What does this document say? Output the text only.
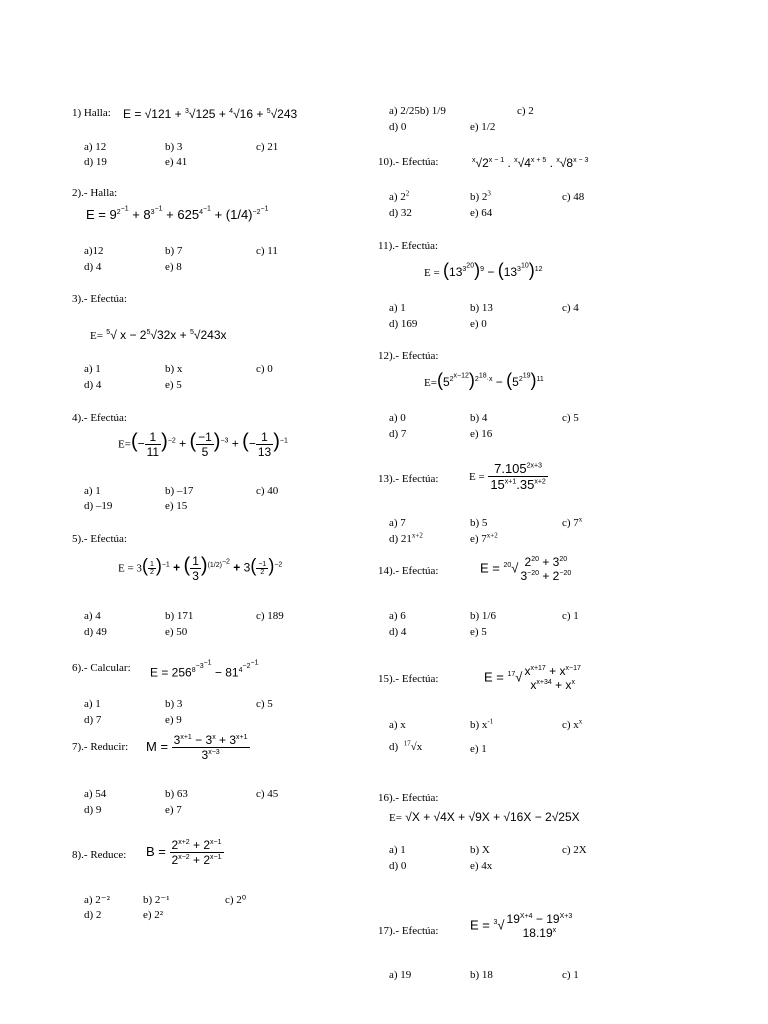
1) Halla: E = √121 + $^3$√125 + $^4$√16 + $^5$√243
a) 12	b) 3	c) 21
d) 19	e) 41
2).- Halla:
$E = 9^{2^{-1}} + 8^{3^{-1}} + 625^{4^{-1}} + (1/4)^{-2^{-1}}$
a)12	b) 7	c) 11
d) 4	e) 8
3).- Efectúa:
E= $^5$√ $x - 2^5√32x + ^5√243x$
a) 1	b) x	c) 0
d) 4	e) 5
4).- Efectúa:
$E=(- \frac{1}{11} )^{-2}$ + ( $\frac{-1}{5} )^{-3}$ + (− $\frac{1}{13} )^{-1}$
a) 1	b) –17	c) 40
d) –19	e) 15
5).- Efectúa:
$E = 3( \frac{1}{2} )^{-1}$ + ( $\frac{1}{3} )^{(1/2)^{-2}} + 3( \frac{-1}{2} )^{-2}$
a) 4	b) 171	c) 189
d) 49	e) 50
6).- Calcular: $E = 256^{8^{-3^{-1}}} - 81^{4^{-2^{-1}}}$
a) 1	b) 3	c) 5
d) 7	e) 9
7).- Reducir: $M = \frac{3^{x+1} - 3^x + 3^{x+1}}{3^{x-3}}$
a) 54	b) 63	c) 45
d) 9	e) 7
8).- Reduce: $B = \frac{2^{x+2} + 2^{x-1}}{2^{x-2} + 2^{x-1}}$
a) 2⁻²	b) 2⁻¹	c) 2⁰
d) 2	e) 2²
a) 2/25b) 1/9	c) 2
d) 0	e) 1/2
10).- Efectúa:	$^x√2^{x - 1}$ . $^x√4^{x + 5}$ . $^x√8^{x - 3}$
a) $2^2$	b) $2^3$	c) 48
d) 32	e) 64
11).- Efectúa:
$E = (13^{3^{20}})^9 - (13^{3^{10}})^{12}$
a) 1	b) 13	c) 4
d) 169	e) 0
12).- Efectúa:
$E=(5^{2^{x-12}})^{2^{18}\cdot x} - (5^{2^{19}})^{11}$
a) 0	b) 4	c) 5
d) 7	e) 16
13).- Efectúa:	$E = \frac{7.105^{2x+3}}{15^{x+1}.35^{x+2}}$
a) 7	b) 5	c) 7$^x$
d) $21^{x+2}$	e) $7^{x+2}$
14).- Efectúa:	E = $^{20}$√ $2^{20} + 3^{20}$
$3^{-20} + 2^{-20}$
a) 6	b) 1/6	c) 1
d) 4	e) 5
15).- Efectúa:	E = $^{17}$√ $x^{x+17} + x^{x-17}$
$x^{x+34} + x^x$
a) x	b) $x^{-1}$	c) $x^x$
d)  $^{17}$√x	e) 1
16).- Efectúa:
E= √X + √4X + √9X + √16X − 2√25X
a) 1	b) X	c) 2X
d) 0	e) 4x
17).- Efectúa: E = $^3$√ $19^{X+4} - 19^{X+3}$
18.19$^x$
a) 19	b) 18	c) 1
